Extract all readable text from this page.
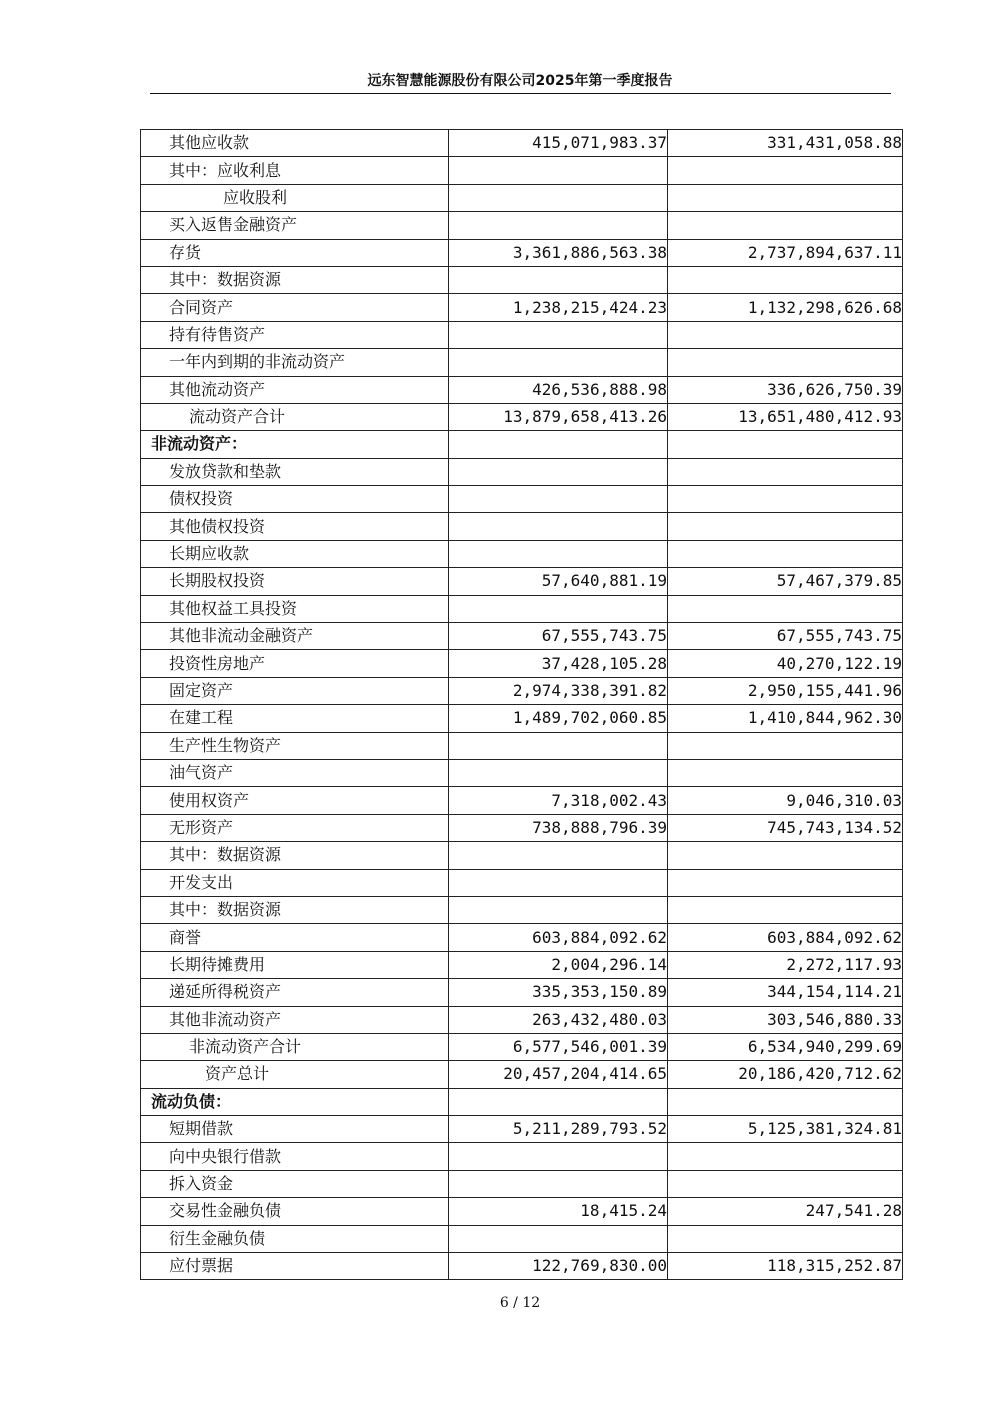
远东智慧能源股份有限公司2025年第一季度报告
其他应收款	415,071,983.37	331,431,058.88
其中：应收利息		
应收股利		
买入返售金融资产		
存货	3,361,886,563.38	2,737,894,637.11
其中：数据资源		
合同资产	1,238,215,424.23	1,132,298,626.68
持有待售资产		
一年内到期的非流动资产		
其他流动资产	426,536,888.98	336,626,750.39
流动资产合计	13,879,658,413.26	13,651,480,412.93
非流动资产：		
发放贷款和垫款		
债权投资		
其他债权投资		
长期应收款		
长期股权投资	57,640,881.19	57,467,379.85
其他权益工具投资		
其他非流动金融资产	67,555,743.75	67,555,743.75
投资性房地产	37,428,105.28	40,270,122.19
固定资产	2,974,338,391.82	2,950,155,441.96
在建工程	1,489,702,060.85	1,410,844,962.30
生产性生物资产		
油气资产		
使用权资产	7,318,002.43	9,046,310.03
无形资产	738,888,796.39	745,743,134.52
其中：数据资源		
开发支出		
其中：数据资源		
商誉	603,884,092.62	603,884,092.62
长期待摊费用	2,004,296.14	2,272,117.93
递延所得税资产	335,353,150.89	344,154,114.21
其他非流动资产	263,432,480.03	303,546,880.33
非流动资产合计	6,577,546,001.39	6,534,940,299.69
资产总计	20,457,204,414.65	20,186,420,712.62
流动负债：		
短期借款	5,211,289,793.52	5,125,381,324.81
向中央银行借款		
拆入资金		
交易性金融负债	18,415.24	247,541.28
衍生金融负债		
应付票据	122,769,830.00	118,315,252.87
6 / 12
